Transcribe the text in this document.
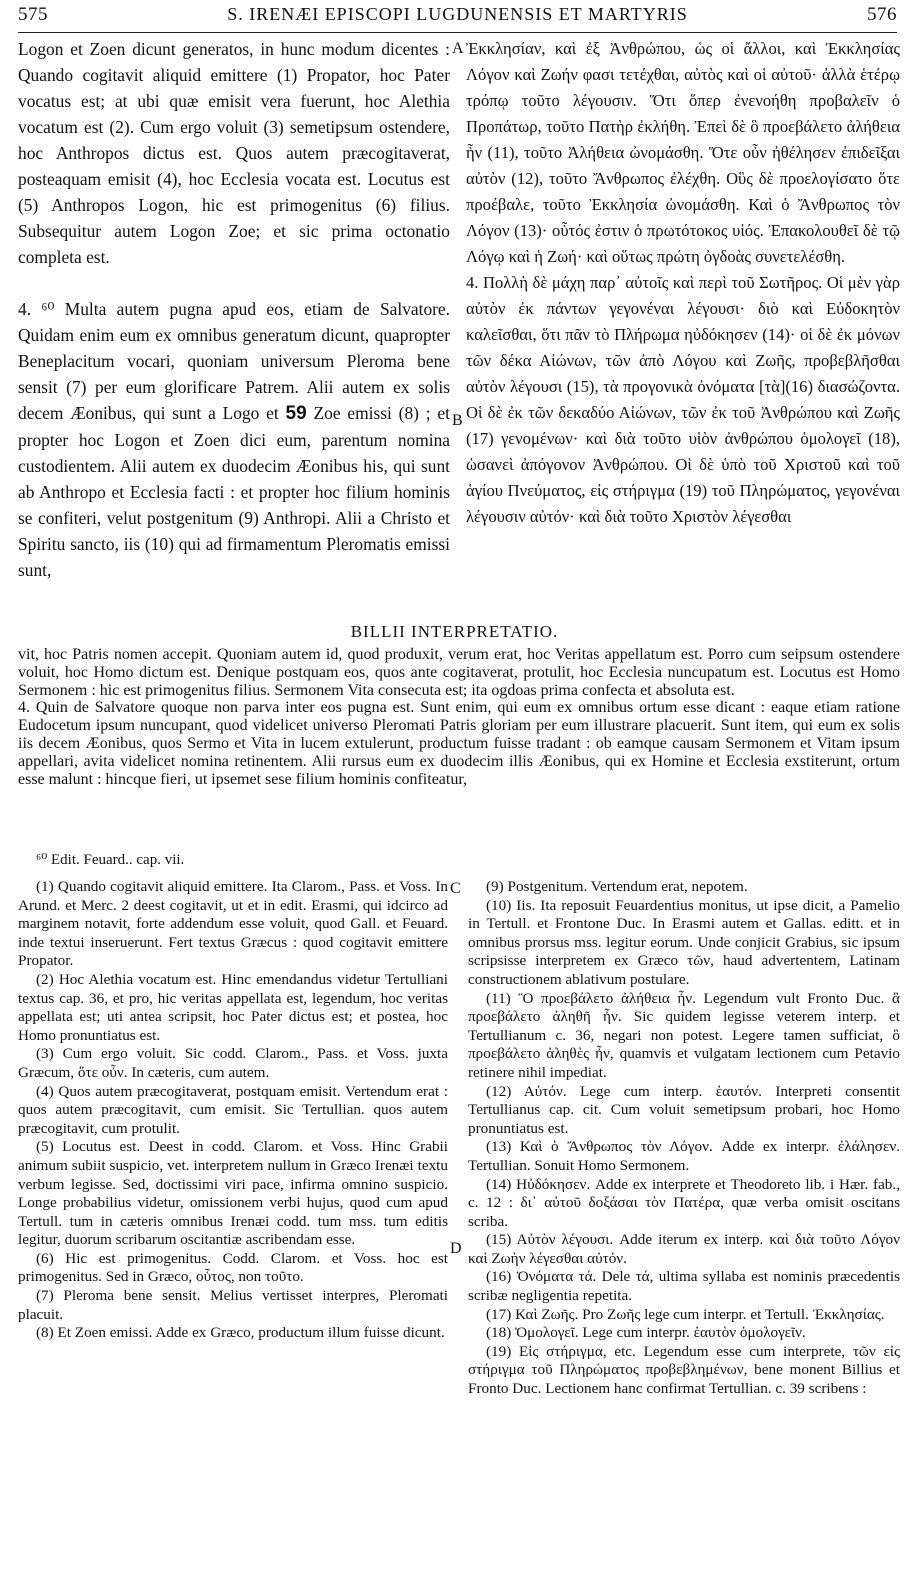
575	S. IRENÆI EPISCOPI LUGDUNENSIS ET MARTYRIS	576

Logon et Zoen dicunt generatos, in hunc modum dicentes : Quando cogitavit aliquid emittere (1) Propator, hoc Pater vocatus est; at ubi quæ emisit vera fuerunt, hoc Alethia vocatum est (2). Cum ergo voluit (3) semetipsum ostendere, hoc Anthropos dictus est. Quos autem præcogitaverat, posteaquam emisit (4), hoc Ecclesia vocata est. Locutus est (5) Anthropos Logon, hic est primogenitus (6) filius. Subsequitur autem Logon Zoe; et sic prima octonatio completa est.

4. ⁶⁰ Multa autem pugna apud eos, etiam de Salvatore. Quidam enim eum ex omnibus generatum dicunt, quapropter Beneplacitum vocari, quoniam universum Pleroma bene sensit (7) per eum glorificare Patrem. Alii autem ex solis decem Æonibus, qui sunt a Logo et 59 Zoe emissi (8) ; et propter hoc Logon et Zoen dici eum, parentum nomina custodientem. Alii autem ex duodecim Æonibus his, qui sunt ab Anthropo et Ecclesia facti : et propter hoc filium hominis se confiteri, velut postgenitum (9) Anthropi. Alii a Christo et Spiritu sancto, iis (10) qui ad firmamentum Pleromatis emissi sunt,

A
B

Ἐκκλησίαν, καὶ ἐξ Ἀνθρώπου, ὡς οἱ ἄλλοι, καὶ Ἐκκλησίας Λόγον καὶ Ζωήν φασι τετέχθαι, αὐτὸς καὶ οἱ αὐτοῦ· ἀλλὰ ἑτέρῳ τρόπῳ τοῦτο λέγουσιν. Ὅτι ὅπερ ἐνενοήθη προβαλεῖν ὁ Προπάτωρ, τοῦτο Πατὴρ ἐκλήθη. Ἐπεὶ δὲ ὃ προεβάλετο ἀλήθεια ἦν (11), τοῦτο Ἀλήθεια ὠνομάσθη. Ὅτε οὖν ἠθέλησεν ἐπιδεῖξαι αὐτὸν (12), τοῦτο Ἄνθρωπος ἐλέχθη. Οὓς δὲ προελογίσατο ὅτε προέβαλε, τοῦτο Ἐκκλησία ὠνομάσθη. Καὶ ὁ Ἄνθρωπος τὸν Λόγον (13)· οὗτός ἐστιν ὁ πρωτότοκος υἱός. Ἐπακολουθεῖ δὲ τῷ Λόγῳ καὶ ἡ Ζωή· καὶ οὕτως πρώτη ὀγδοὰς συνετελέσθη.

4. Πολλὴ δὲ μάχη παρ᾽ αὐτοῖς καὶ περὶ τοῦ Σωτῆρος. Οἱ μὲν γὰρ αὐτὸν ἐκ πάντων γεγονέναι λέγουσι· διὸ καὶ Εὐδοκητὸν καλεῖσθαι, ὅτι πᾶν τὸ Πλήρωμα ηὐδόκησεν (14)· οἱ δὲ ἐκ μόνων τῶν δέκα Αἰώνων, τῶν ἀπὸ Λόγου καὶ Ζωῆς, προβεβλῆσθαι αὐτὸν λέγουσι (15), τὰ προγονικὰ ὀνόματα [τὰ](16) διασώζοντα. Οἱ δὲ ἐκ τῶν δεκαδύο Αἰώνων, τῶν ἐκ τοῦ Ἀνθρώπου καὶ Ζωῆς (17) γενομένων· καὶ διὰ τοῦτο υἱὸν ἀνθρώπου ὁμολογεῖ (18), ὡσανεὶ ἀπόγονον Ἀνθρώπου. Οἱ δὲ ὑπὸ τοῦ Χριστοῦ καὶ τοῦ ἁγίου Πνεύματος, εἰς στήριγμα (19) τοῦ Πληρώματος, γεγονέναι λέγουσιν αὐτόν· καὶ διὰ τοῦτο Χριστὸν λέγεσθαι

BILLII INTERPRETATIO.

vit, hoc Patris nomen accepit. Quoniam autem id, quod produxit, verum erat, hoc Veritas appellatum est. Porro cum seipsum ostendere voluit, hoc Homo dictum est. Denique postquam eos, quos ante cogitaverat, protulit, hoc Ecclesia nuncupatum est. Locutus est Homo Sermonem : hic est primogenitus filius. Sermonem Vita consecuta est; ita ogdoas prima confecta et absoluta est.

4. Quin de Salvatore quoque non parva inter eos pugna est. Sunt enim, qui eum ex omnibus ortum esse dicant : eaque etiam ratione Eudocetum ipsum nuncupant, quod videlicet universo Pleromati Patris gloriam per eum illustrare placuerit. Sunt item, qui eum ex solis iis decem Æonibus, quos Sermo et Vita in lucem extulerunt, productum fuisse tradant : ob eamque causam Sermonem et Vitam ipsum appellari, avita videlicet nomina retinentem. Alii rursus eum ex duodecim illis Æonibus, qui ex Homine et Ecclesia exstiterunt, ortum esse malunt : hincque fieri, ut ipsemet sese filium hominis confiteatur,

⁶⁰ Edit. Feuard.. cap. vii.

(1) Quando cogitavit aliquid emittere. Ita Clarom., Pass. et Voss. In Arund. et Merc. 2 deest cogitavit, ut et in edit. Erasmi, qui idcirco ad marginem notavit, forte addendum esse voluit, quod Gall. et Feuard. inde textui inseruerunt. Fert textus Græcus : quod cogitavit emittere Propator.

(2) Hoc Alethia vocatum est. Hinc emendandus videtur Tertulliani textus cap. 36, et pro, hic veritas appellata est, legendum, hoc veritas appellata est; uti antea scripsit, hoc Pater dictus est; et postea, hoc Homo pronuntiatus est.

(3) Cum ergo voluit. Sic codd. Clarom., Pass. et Voss. juxta Græcum, ὅτε οὖν. In cæteris, cum autem.

(4) Quos autem præcogitaverat, postquam emisit. Vertendum erat : quos autem præcogitavit, cum emisit. Sic Tertullian. quos autem præcogitavit, cum protulit.

(5) Locutus est. Deest in codd. Clarom. et Voss. Hinc Grabii animum subiit suspicio, vet. interpretem nullum in Græco Irenæi textu verbum legisse. Sed, doctissimi viri pace, infirma omnino suspicio. Longe probabilius videtur, omissionem verbi hujus, quod cum apud Tertull. tum in cæteris omnibus Irenæi codd. tum mss. tum editis legitur, duorum scribarum oscitantiæ ascribendam esse.

(6) Hic est primogenitus. Codd. Clarom. et Voss. hoc est primogenitus. Sed in Græco, οὗτος, non τοῦτο.

(7) Pleroma bene sensit. Melius vertisset interpres, Pleromati placuit.

(8) Et Zoen emissi. Adde ex Græco, productum illum fuisse dicunt.

C
D

(9) Postgenitum. Vertendum erat, nepotem.

(10) Iis. Ita reposuit Feuardentius monitus, ut ipse dicit, a Pamelio in Tertull. et Frontone Duc. In Erasmi autem et Gallas. editt. et in omnibus prorsus mss. legitur eorum. Unde conjicit Grabius, sic ipsum scripsisse interpretem ex Græco τῶν, haud advertentem, Latinam constructionem ablativum postulare.

(11) Ὃ προεβάλετο ἀλήθεια ἦν. Legendum vult Fronto Duc. ἃ προεβάλετο ἀληθῆ ἦν. Sic quidem legisse veterem interp. et Tertullianum c. 36, negari non potest. Legere tamen sufficiat, ὃ προεβάλετο ἀληθὲς ἦν, quamvis et vulgatam lectionem cum Petavio retinere nihil impediat.

(12) Αὐτόν. Lege cum interp. ἑαυτόν. Interpreti consentit Tertullianus cap. cit. Cum voluit semetipsum probari, hoc Homo pronuntiatus est.

(13) Καὶ ὁ Ἄνθρωπος τὸν Λόγον. Adde ex interpr. ἐλάλησεν. Tertullian. Sonuit Homo Sermonem.

(14) Ηὐδόκησεν. Adde ex interprete et Theodoreto lib. i Hær. fab., c. 12 : δι᾽ αὐτοῦ δοξάσαι τὸν Πατέρα, quæ verba omisit oscitans scriba.

(15) Αὐτὸν λέγουσι. Adde iterum ex interp. καὶ διὰ τοῦτο Λόγον καὶ Ζωὴν λέγεσθαι αὐτόν.

(16) Ὀνόματα τά. Dele τά, ultima syllaba est nominis præcedentis scribæ negligentia repetita.

(17) Καὶ Ζωῆς. Pro Ζωῆς lege cum interpr. et Tertull. Ἐκκλησίας.

(18) Ὁμολογεῖ. Lege cum interpr. ἑαυτὸν ὁμολογεῖν.

(19) Εἰς στήριγμα, etc. Legendum esse cum interprete, τῶν εἰς στήριγμα τοῦ Πληρώματος προβεβλημένων, bene monent Billius et Fronto Duc. Lectionem hanc confirmat Tertullian. c. 39 scribens :
